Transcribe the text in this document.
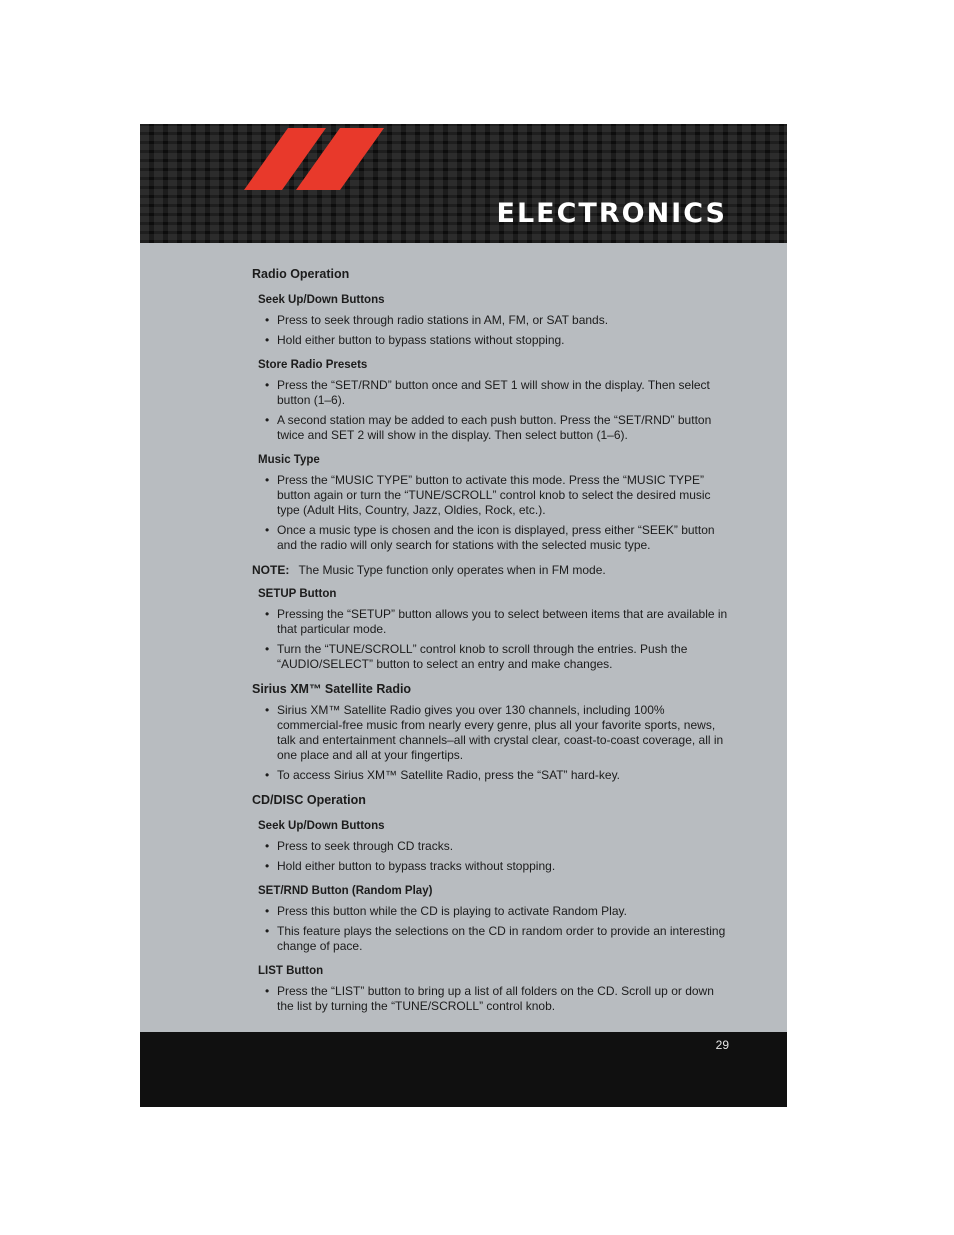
ELECTRONICS
Radio Operation
Seek Up/Down Buttons
• Press to seek through radio stations in AM, FM, or SAT bands.
• Hold either button to bypass stations without stopping.
Store Radio Presets
• Press the “SET/RND” button once and SET 1 will show in the display. Then select button (1–6).
• A second station may be added to each push button. Press the “SET/RND” button twice and SET 2 will show in the display. Then select button (1–6).
Music Type
• Press the “MUSIC TYPE” button to activate this mode. Press the “MUSIC TYPE” button again or turn the “TUNE/SCROLL” control knob to select the desired music type (Adult Hits, Country, Jazz, Oldies, Rock, etc.).
• Once a music type is chosen and the icon is displayed, press either “SEEK” button and the radio will only search for stations with the selected music type.
NOTE: The Music Type function only operates when in FM mode.
SETUP Button
• Pressing the “SETUP” button allows you to select between items that are available in that particular mode.
• Turn the “TUNE/SCROLL” control knob to scroll through the entries. Push the “AUDIO/SELECT” button to select an entry and make changes.
Sirius XM™ Satellite Radio
• Sirius XM™ Satellite Radio gives you over 130 channels, including 100% commercial-free music from nearly every genre, plus all your favorite sports, news, talk and entertainment channels–all with crystal clear, coast-to-coast coverage, all in one place and all at your fingertips.
• To access Sirius XM™ Satellite Radio, press the “SAT” hard-key.
CD/DISC Operation
Seek Up/Down Buttons
• Press to seek through CD tracks.
• Hold either button to bypass tracks without stopping.
SET/RND Button (Random Play)
• Press this button while the CD is playing to activate Random Play.
• This feature plays the selections on the CD in random order to provide an interesting change of pace.
LIST Button
• Press the “LIST” button to bring up a list of all folders on the CD. Scroll up or down the list by turning the “TUNE/SCROLL” control knob.
29
